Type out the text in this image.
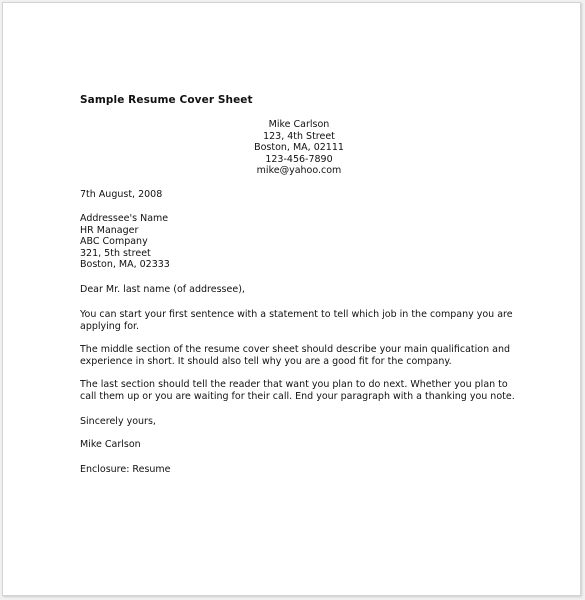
Sample Resume Cover Sheet
Mike Carlson
123, 4th Street
Boston, MA, 02111
123-456-7890
mike@yahoo.com
7th August, 2008
Addressee's Name
HR Manager
ABC Company
321, 5th street
Boston, MA, 02333
Dear Mr. last name (of addressee),
You can start your first sentence with a statement to tell which job in the company you are
applying for.
The middle section of the resume cover sheet should describe your main qualification and
experience in short. It should also tell why you are a good fit for the company.
The last section should tell the reader that want you plan to do next. Whether you plan to
call them up or you are waiting for their call. End your paragraph with a thanking you note.
Sincerely yours,
Mike Carlson
Enclosure: Resume
